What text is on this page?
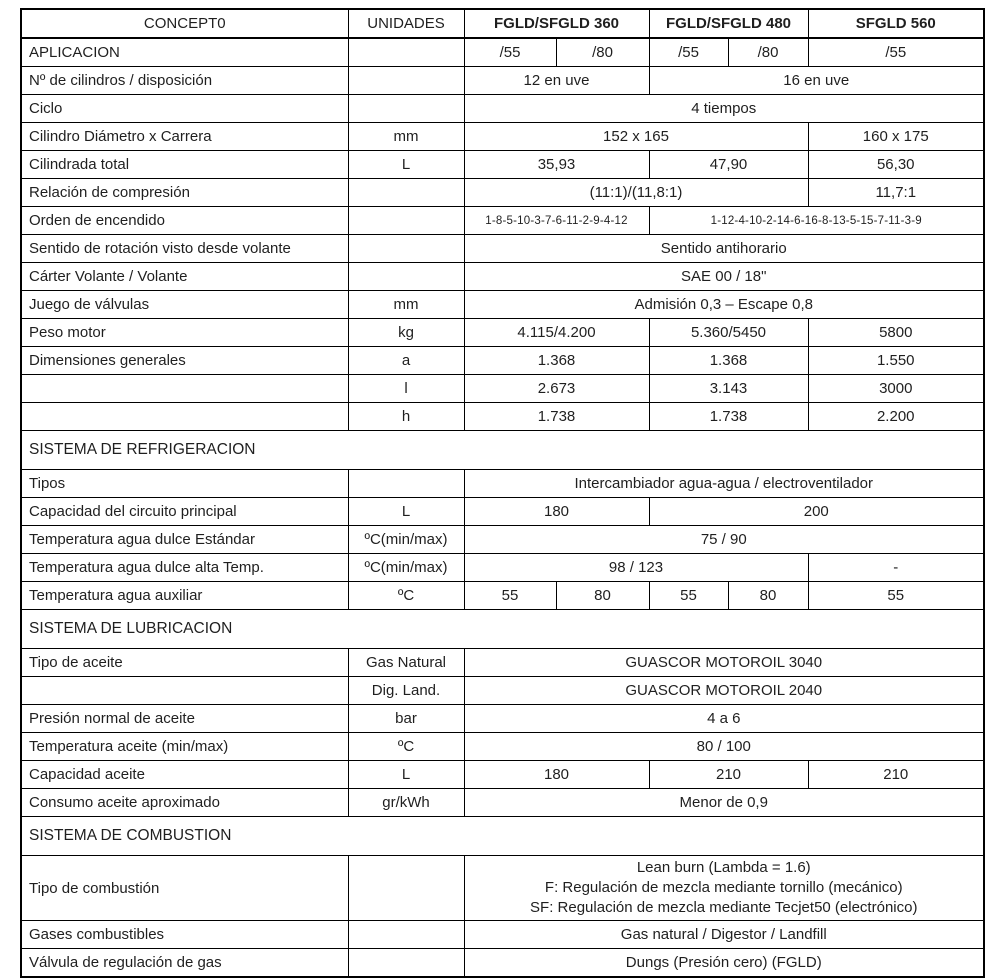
CONCEPT0	UNIDADES	FGLD/SFGLD 360		FGLD/SFGLD 480		SFGLD 560
APLICACION		/55	/80	/55	/80	/55
Nº de cilindros / disposición		12 en uve		16 en uve		
Ciclo		4 tiempos				
Cilindro Diámetro x Carrera	mm	152 x 165				160 x 175
Cilindrada total	L	35,93		47,90		56,30
Relación de compresión		(11:1)/(11,8:1)				11,7:1
Orden de encendido		1-8-5-10-3-7-6-11-2-9-4-12		1-12-4-10-2-14-6-16-8-13-5-15-7-11-3-9		
Sentido de rotación visto desde volante		Sentido antihorario				
Cárter Volante / Volante		SAE 00 / 18"				
Juego de válvulas	mm	Admisión 0,3 – Escape 0,8				
Peso motor	kg	4.115/4.200		5.360/5450		5800
Dimensiones generales	a	1.368		1.368		1.550
	l	2.673		3.143		3000
	h	1.738		1.738		2.200
SISTEMA DE REFRIGERACION						
Tipos		Intercambiador agua-agua / electroventilador				
Capacidad del circuito principal	L	180		200		
Temperatura agua dulce Estándar	ºC(min/max)	75 / 90				
Temperatura agua dulce alta Temp.	ºC(min/max)	98 / 123				-
Temperatura agua auxiliar	ºC	55	80	55	80	55
SISTEMA DE LUBRICACION						
Tipo de aceite	Gas Natural	GUASCOR MOTOROIL 3040				
	Dig. Land.	GUASCOR MOTOROIL 2040				
Presión normal de aceite	bar	4 a 6				
Temperatura aceite (min/max)	ºC	80 / 100				
Capacidad aceite	L	180		210		210
Consumo aceite aproximado	gr/kWh	Menor de 0,9				
SISTEMA DE COMBUSTION						
Tipo de combustión		Lean burn (Lambda = 1.6)
F: Regulación de mezcla mediante tornillo (mecánico)
SF: Regulación de mezcla mediante Tecjet50 (electrónico)				

Gases combustibles		Gas natural / Digestor / Landfill				
Válvula de regulación de gas		Dungs (Presión cero) (FGLD)				
